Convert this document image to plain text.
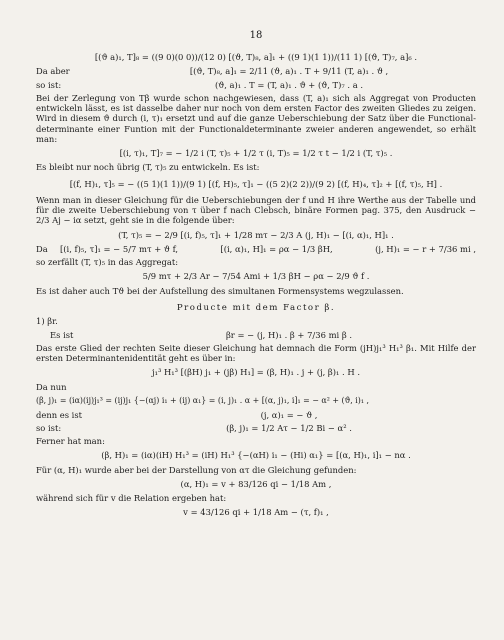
18
[(ϑ a)₁, T]₈ = ((9 0)(0 0))/(12 0) [(ϑ, T)₈, a]₁ + ((9 1)(1 1))/(11 1) [(ϑ, T)₇, a]₆ .
Da aber	[(ϑ, T)₈, a]₁ = 2/11 (ϑ, a)₁ . T + 9/11 (T, a)₁ . ϑ ,
so ist:	(ϑ, a)₁ . T = (T, a)₁ . ϑ + (ϑ, T)₇ . a .

Bei der Zerlegung von Tβ wurde schon nachgewiesen, dass (T, a)₁ sich als Aggregat von Producten entwickeln lässt, es ist dasselbe daher nur noch von dem ersten Factor des zweiten Gliedes zu zeigen. Wird in diesem ϑ durch (i, τ)₁ ersetzt und auf die ganze Ueberschiebung der Satz über die Functional-determinante einer Funtion mit der Functionaldeterminante zweier anderen angewendet, so erhält man:

[(i, τ)₁, T]₇ = − 1/2 i (T, τ)₅ + 1/2 τ (i, T)₅ = 1/2 τ t − 1/2 i (T, τ)₅ .

Es bleibt nur noch übrig (T, τ)₅ zu entwickeln. Es ist:

[(f, H)₁, τ]₅ = − ((5 1)(1 1))/(9 1) [(f, H)₅, τ]₁ − ((5 2)(2 2))/(9 2) [(f, H)₄, τ]₂ + [(f, τ)₅, H] .

Wenn man in dieser Gleichung für die Ueberschiebungen der f und H ihre Werthe aus der Tabelle und für die zweite Ueberschiebung von τ über f nach Clebsch, binäre Formen pag. 375, den Ausdruck − 2/3 Aj − iα setzt, geht sie in die folgende über:

(T, τ)₅ = − 2/9 [(i, f)₅, τ]₁ + 1/28 mτ − 2/3 A (j, H)₁ − [(i, α)₁, H]₁ .
Da	[(i, f)₅, τ]₁ = − 5/7 mτ + ϑ f,	[(i, α)₁, H]₁ = ρα − 1/3 βH,	(j, H)₁ = − r + 7/36 mi ,

so zerfällt (T, τ)₅ in das Aggregat:

5/9 mτ + 2/3 Ar − 7/54 Ami + 1/3 βH − ρα − 2/9 ϑ f .

Es ist daher auch Tϑ bei der Aufstellung des simultanen Formensystems wegzulassen.

Producte mit dem Factor β.
1) βr.
Es ist	βr = − (j, H)₁ . β + 7/36 mi β .

Das erste Glied der rechten Seite dieser Gleichung hat demnach die Form (jH)j₁³ H₁³ β₁. Mit Hilfe der ersten Determinantenidentität geht es über in:

j₁³ H₁³ [(βH) j₁ + (jβ) H₁] = (β, H)₁ . j + (j, β)₁ . H .
Da nun
(β, j)₁ = (iα)(ij)j₁³ = (ij)j₁ {−(αj) i₁ + (ij) α₁} = (i, j)₁ . α + [(α, j)₁, i]₁ = − α² + (ϑ, i)₁ ,
denn es ist	(j, α)₁ = − ϑ ,
so ist:	(β, j)₁ = 1/2 Aτ − 1/2 Bi − α² .

Ferner hat man:

(β, H)₁ = (iα)(iH) H₁³ = (iH) H₁³ {−(αH) i₁ − (Hi) α₁} = [(α, H)₁, i]₁ − nα .

Für (α, H)₁ wurde aber bei der Darstellung von ατ die Gleichung gefunden:

(α, H)₁ = v + 83/126 qi − 1/18 Am ,

während sich für v die Relation ergeben hat:

v = 43/126 qi + 1/18 Am − (τ, f)₁ ,
